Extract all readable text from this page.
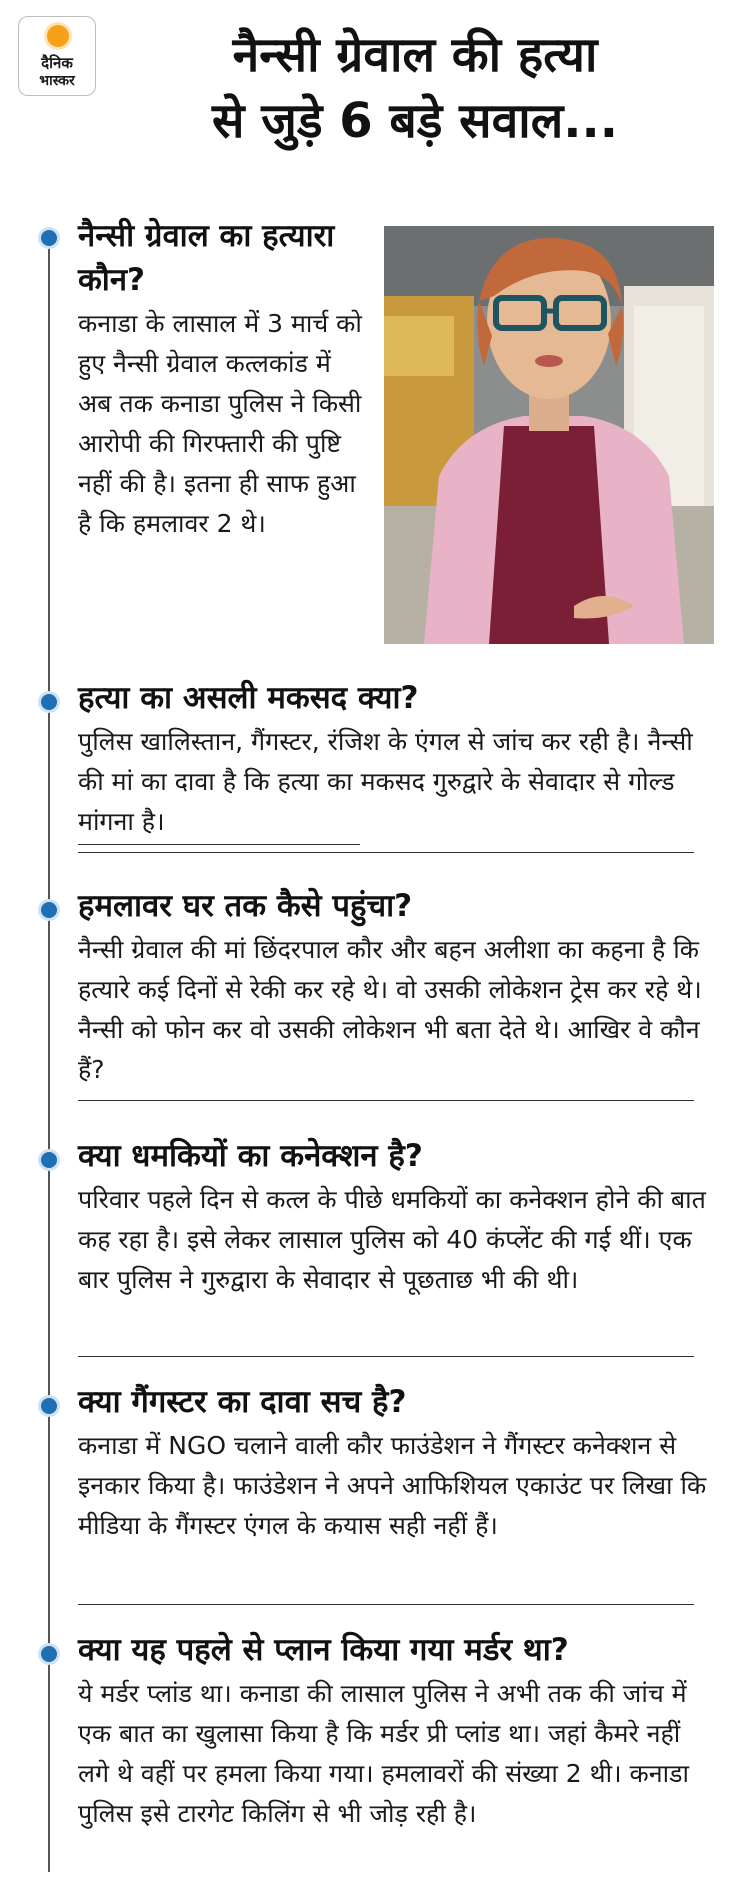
दैनिक
भास्कर	नैन्सी ग्रेवाल की हत्या
से जुड़े 6 बड़े सवाल...
नैन्सी ग्रेवाल का हत्यारा कौन?
कनाडा के लासाल में 3 मार्च को हुए नैन्सी ग्रेवाल कत्लकांड में अब तक कनाडा पुलिस ने किसी आरोपी की गिरफ्तारी की पुष्टि नहीं की है। इतना ही साफ हुआ है कि हमलावर 2 थे।
हत्या का असली मकसद क्या?
पुलिस खालिस्तान, गैंगस्टर, रंजिश के एंगल से जांच कर रही है। नैन्सी की मां का दावा है कि हत्या का मकसद गुरुद्वारे के सेवादार से गोल्ड मांगना है।
हमलावर घर तक कैसे पहुंचा?
नैन्सी ग्रेवाल की मां छिंदरपाल कौर और बहन अलीशा का कहना है कि हत्यारे कई दिनों से रेकी कर रहे थे। वो उसकी लोकेशन ट्रेस कर रहे थे। नैन्सी को फोन कर वो उसकी लोकेशन भी बता देते थे। आखिर वे कौन हैं?
क्या धमकियों का कनेक्शन है?
परिवार पहले दिन से कत्ल के पीछे धमकियों का कनेक्शन होने की बात कह रहा है। इसे लेकर लासाल पुलिस को 40 कंप्लेंट की गई थीं। एक बार पुलिस ने गुरुद्वारा के सेवादार से पूछताछ भी की थी।
क्या गैंगस्टर का दावा सच है?
कनाडा में NGO चलाने वाली कौर फाउंडेशन ने गैंगस्टर कनेक्शन से इनकार किया है। फाउंडेशन ने अपने आफिशियल एकाउंट पर लिखा कि मीडिया के गैंगस्टर एंगल के कयास सही नहीं हैं।
क्या यह पहले से प्लान किया गया मर्डर था?
ये मर्डर प्लांड था। कनाडा की लासाल पुलिस ने अभी तक की जांच में एक बात का खुलासा किया है कि मर्डर प्री प्लांड था। जहां कैमरे नहीं लगे थे वहीं पर हमला किया गया। हमलावरों की संख्या 2 थी। कनाडा पुलिस इसे टारगेट किलिंग से भी जोड़ रही है।
